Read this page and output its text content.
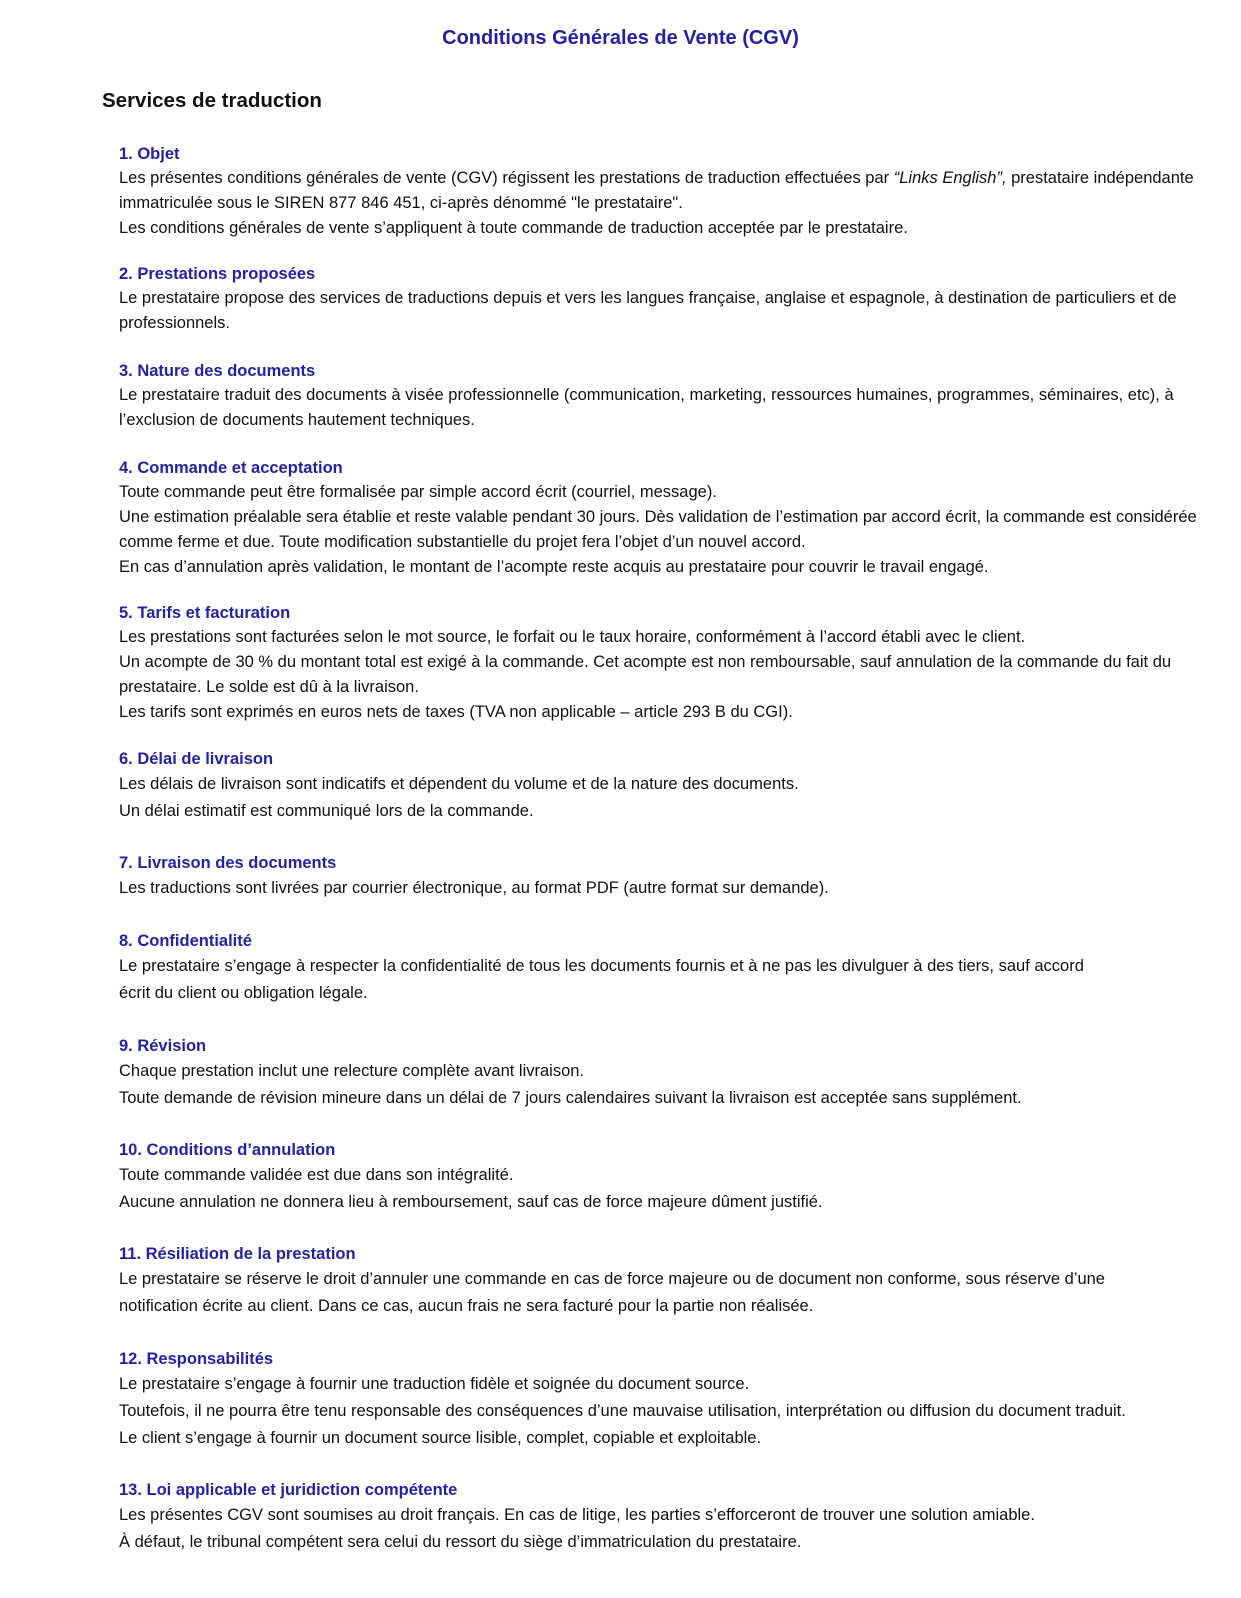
Conditions Générales de Vente (CGV)
Services de traduction
1. Objet

Les présentes conditions générales de vente (CGV) régissent les prestations de traduction effectuées par “Links English”, prestataire indépendante immatriculée sous le SIREN 877 846 451, ci-après dénommé "le prestataire".

Les conditions générales de vente s’appliquent à toute commande de traduction acceptée par le prestataire.

2. Prestations proposées

Le prestataire propose des services de traductions depuis et vers les langues française, anglaise et espagnole, à destination de particuliers et de professionnels.

3. Nature des documents

Le prestataire traduit des documents à visée professionnelle (communication, marketing, ressources humaines, programmes, séminaires, etc), à l’exclusion de documents hautement techniques.

4. Commande et acceptation

Toute commande peut être formalisée par simple accord écrit (courriel, message).

Une estimation préalable sera établie et reste valable pendant 30 jours. Dès validation de l’estimation par accord écrit, la commande est considérée comme ferme et due. Toute modification substantielle du projet fera l’objet d’un nouvel accord.

En cas d’annulation après validation, le montant de l’acompte reste acquis au prestataire pour couvrir le travail engagé.

5. Tarifs et facturation

Les prestations sont facturées selon le mot source, le forfait ou le taux horaire, conformément à l’accord établi avec le client.

Un acompte de 30 % du montant total est exigé à la commande. Cet acompte est non remboursable, sauf annulation de la commande du fait du prestataire. Le solde est dû à la livraison.

Les tarifs sont exprimés en euros nets de taxes (TVA non applicable – article 293 B du CGI).

6. Délai de livraison

Les délais de livraison sont indicatifs et dépendent du volume et de la nature des documents.

Un délai estimatif est communiqué lors de la commande.

7. Livraison des documents

Les traductions sont livrées par courrier électronique, au format PDF (autre format sur demande).

8. Confidentialité

Le prestataire s’engage à respecter la confidentialité de tous les documents fournis et à ne pas les divulguer à des tiers, sauf accord écrit du client ou obligation légale.

9. Révision

Chaque prestation inclut une relecture complète avant livraison.

Toute demande de révision mineure dans un délai de 7 jours calendaires suivant la livraison est acceptée sans supplément.

10. Conditions d’annulation

Toute commande validée est due dans son intégralité.

Aucune annulation ne donnera lieu à remboursement, sauf cas de force majeure dûment justifié.

11. Résiliation de la prestation

Le prestataire se réserve le droit d’annuler une commande en cas de force majeure ou de document non conforme, sous réserve d’une notification écrite au client. Dans ce cas, aucun frais ne sera facturé pour la partie non réalisée.

12. Responsabilités

Le prestataire s’engage à fournir une traduction fidèle et soignée du document source.

Toutefois, il ne pourra être tenu responsable des conséquences d’une mauvaise utilisation, interprétation ou diffusion du document traduit.

Le client s’engage à fournir un document source lisible, complet, copiable et exploitable.

13. Loi applicable et juridiction compétente

Les présentes CGV sont soumises au droit français. En cas de litige, les parties s’efforceront de trouver une solution amiable.

À défaut, le tribunal compétent sera celui du ressort du siège d’immatriculation du prestataire.
